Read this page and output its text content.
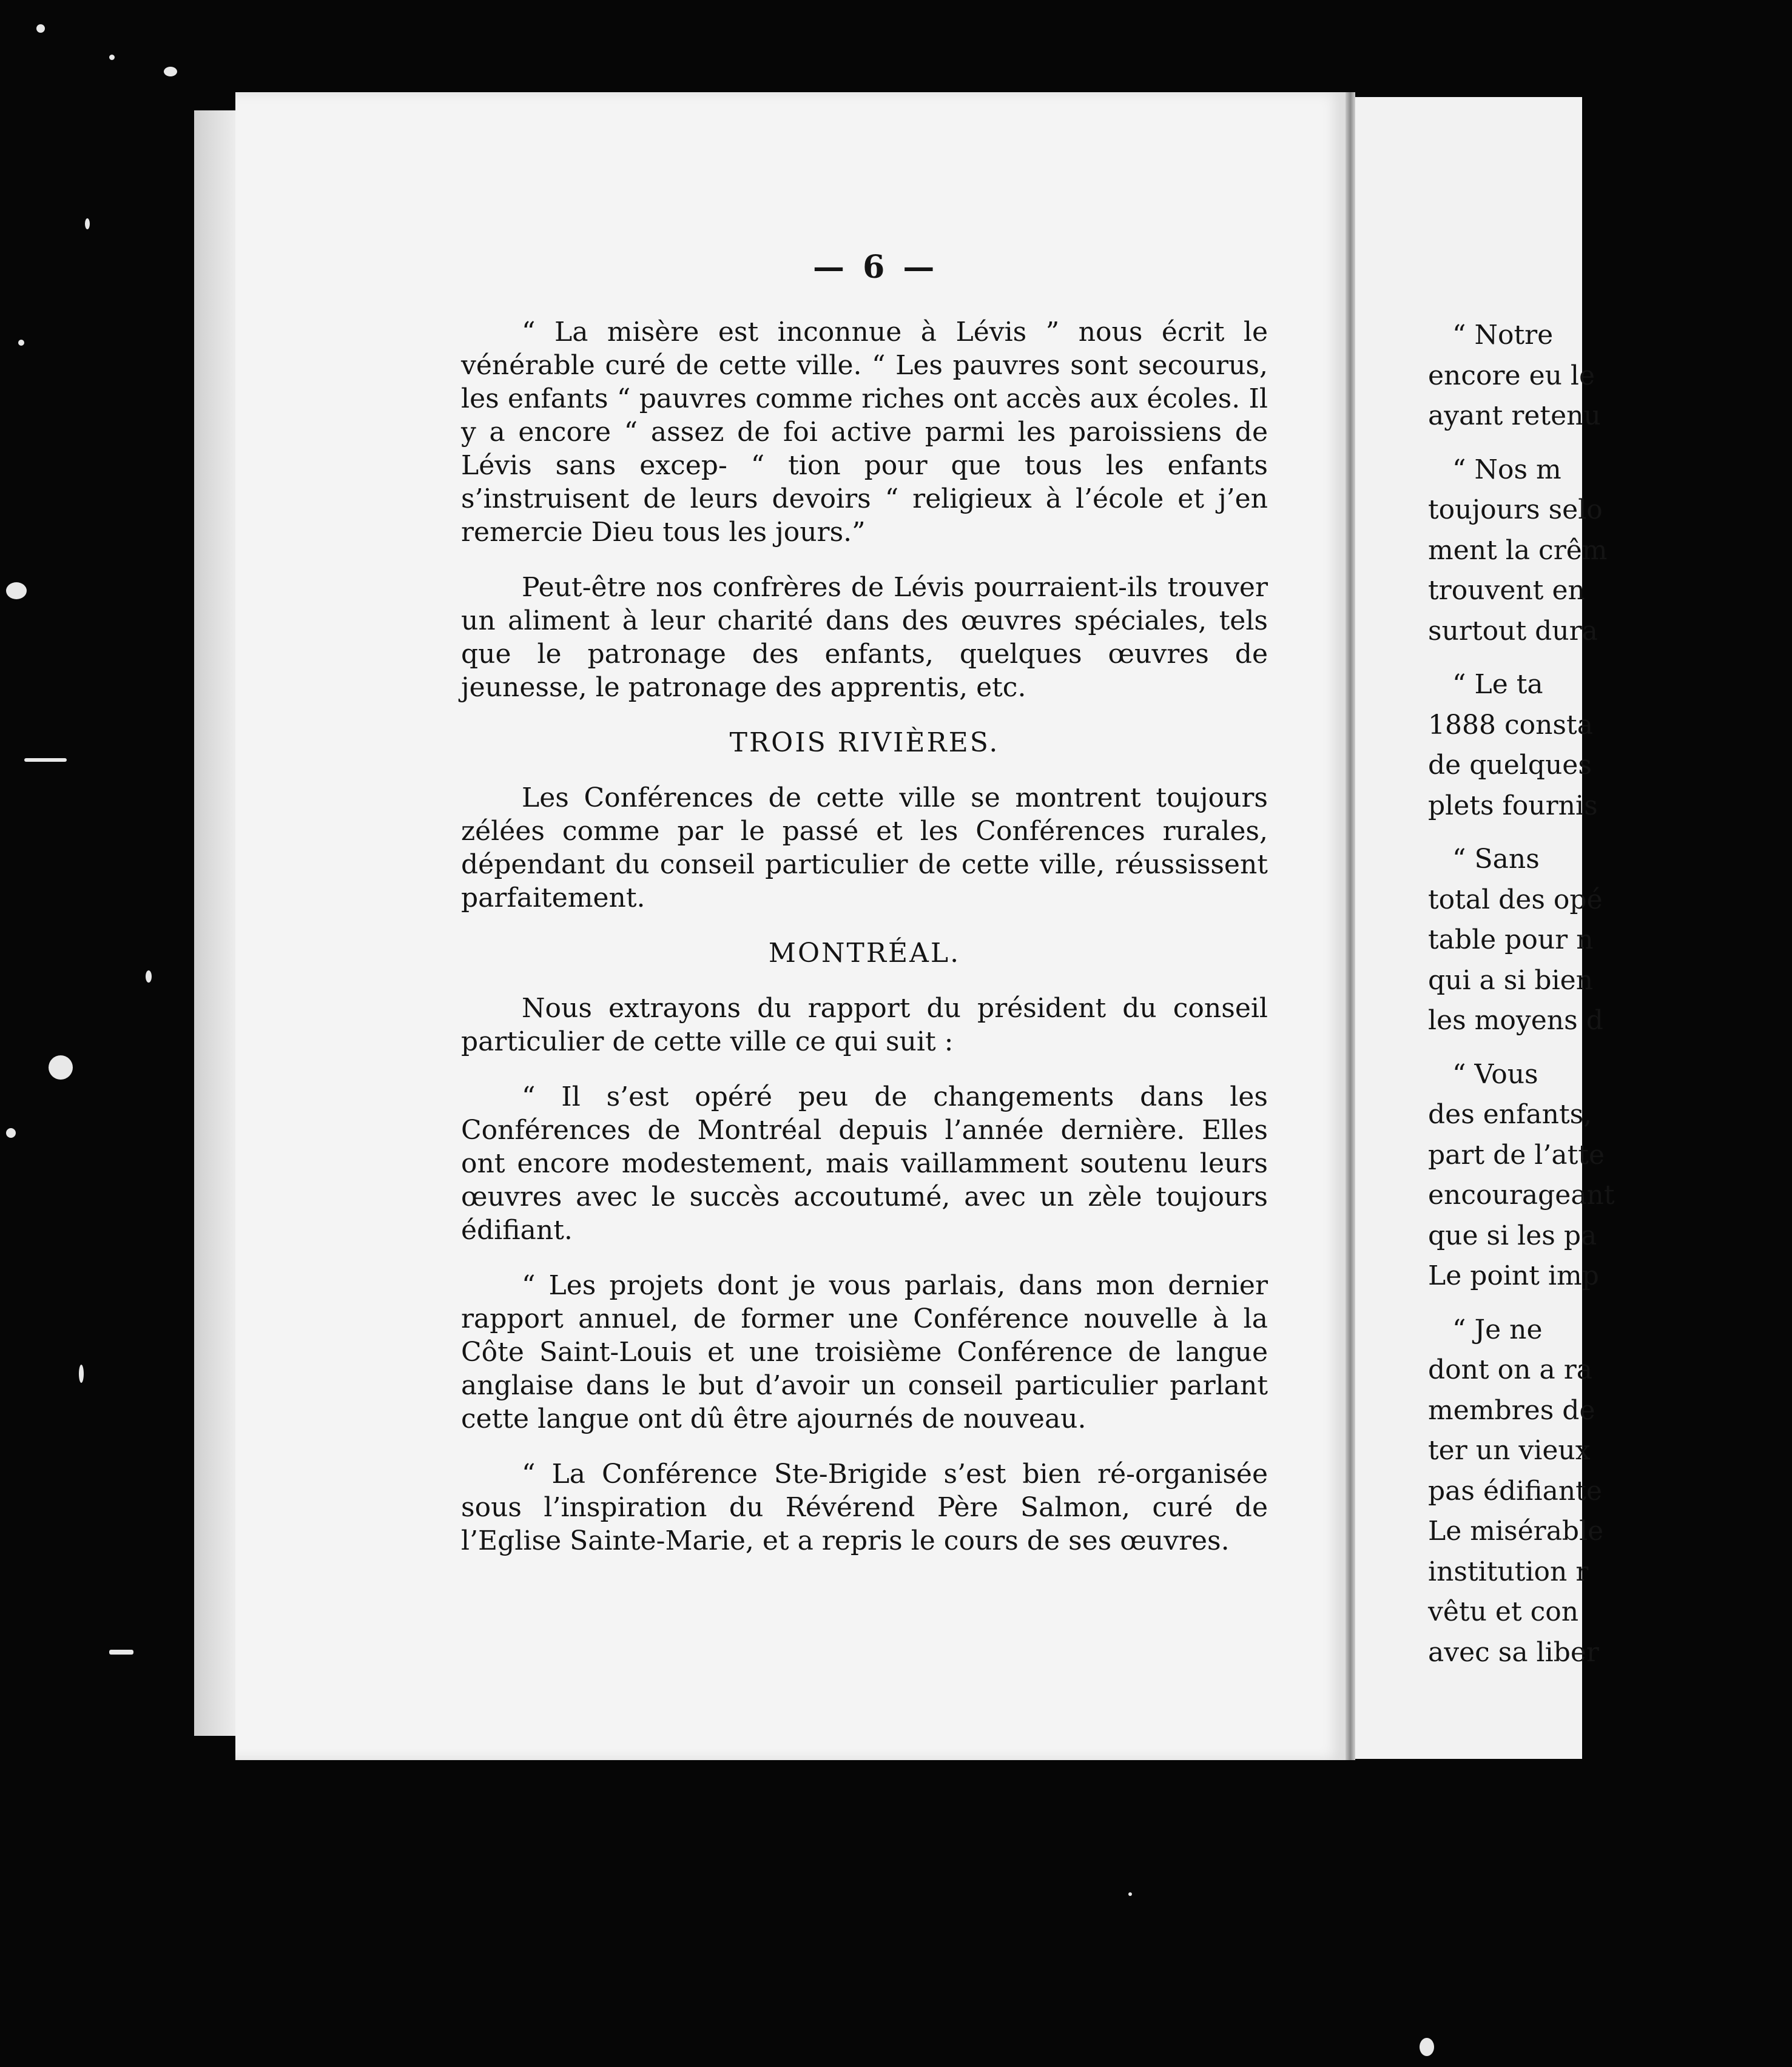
— 6 —

“ La misère est inconnue à Lévis ” nous écrit le vénérable curé de cette ville. “ Les pauvres sont secourus, les enfants “ pauvres comme riches ont accès aux écoles. Il y a encore “ assez de foi active parmi les paroissiens de Lévis sans excep- “ tion pour que tous les enfants s’instruisent de leurs devoirs “ religieux à l’école et j’en remercie Dieu tous les jours.”

Peut-être nos confrères de Lévis pourraient-ils trouver un aliment à leur charité dans des œuvres spéciales, tels que le patronage des enfants, quelques œuvres de jeunesse, le patronage des apprentis, etc.

TROIS RIVIÈRES.

Les Conférences de cette ville se montrent toujours zélées comme par le passé et les Conférences rurales, dépendant du conseil particulier de cette ville, réussissent parfaitement.

MONTRÉAL.

Nous extrayons du rapport du président du conseil particulier de cette ville ce qui suit :

“ Il s’est opéré peu de changements dans les Conférences de Montréal depuis l’année dernière. Elles ont encore modestement, mais vaillamment soutenu leurs œuvres avec le succès accoutumé, avec un zèle toujours édifiant.

“ Les projets dont je vous parlais, dans mon dernier rapport annuel, de former une Conférence nouvelle à la Côte Saint-Louis et une troisième Conférence de langue anglaise dans le but d’avoir un conseil particulier parlant cette langue ont dû être ajournés de nouveau.

“ La Conférence Ste-Brigide s’est bien ré-organisée sous l’inspiration du Révérend Père Salmon, curé de l’Eglise Sainte-Marie, et a repris le cours de ses œuvres.

“ Notre
encore eu le
ayant retenu
“ Nos m
toujours selo
ment la crêm
trouvent en
surtout dura
“ Le ta
1888 consta
de quelques
plets fournis
“ Sans
total des opé
table pour n
qui a si bien
les moyens d
“ Vous
des enfants,
part de l’atte
encourageant
que si les pa
Le point imp
“ Je ne
dont on a ra
membres de
ter un vieux
pas édifiante
Le misérable
institution r
vêtu et con
avec sa liber
